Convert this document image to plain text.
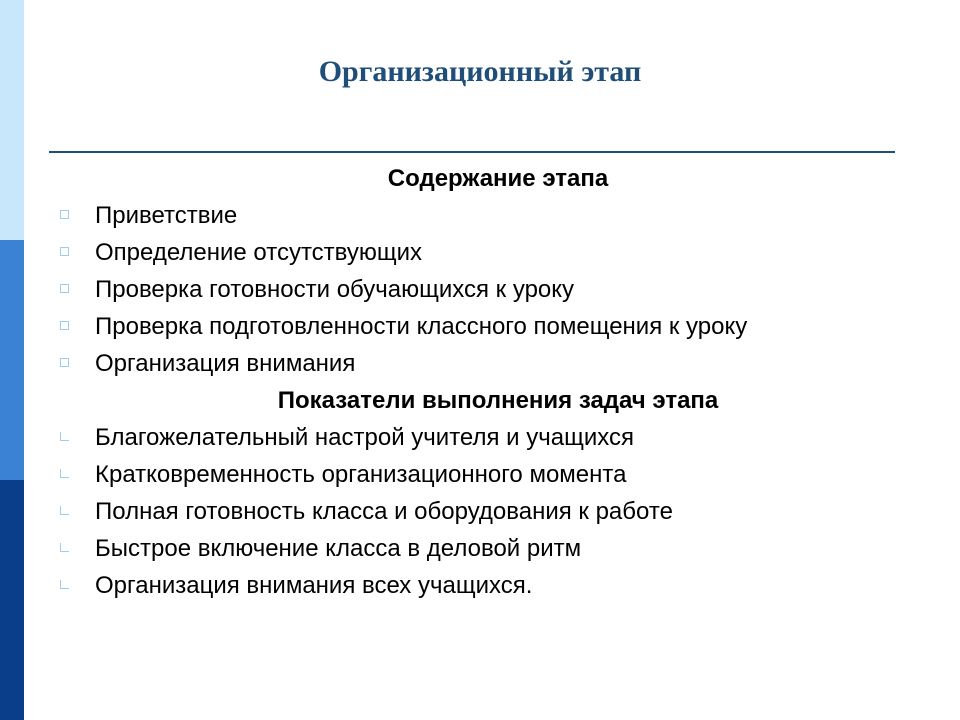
Организационный этап
Содержание этапа
Приветствие
Определение отсутствующих
Проверка готовности обучающихся к уроку
Проверка подготовленности классного помещения к уроку
Организация внимания
Показатели выполнения задач этапа
Благожелательный настрой учителя и учащихся
Кратковременность организационного момента
Полная готовность класса и оборудования к работе
Быстрое включение класса в деловой ритм
Организация внимания всех учащихся.
